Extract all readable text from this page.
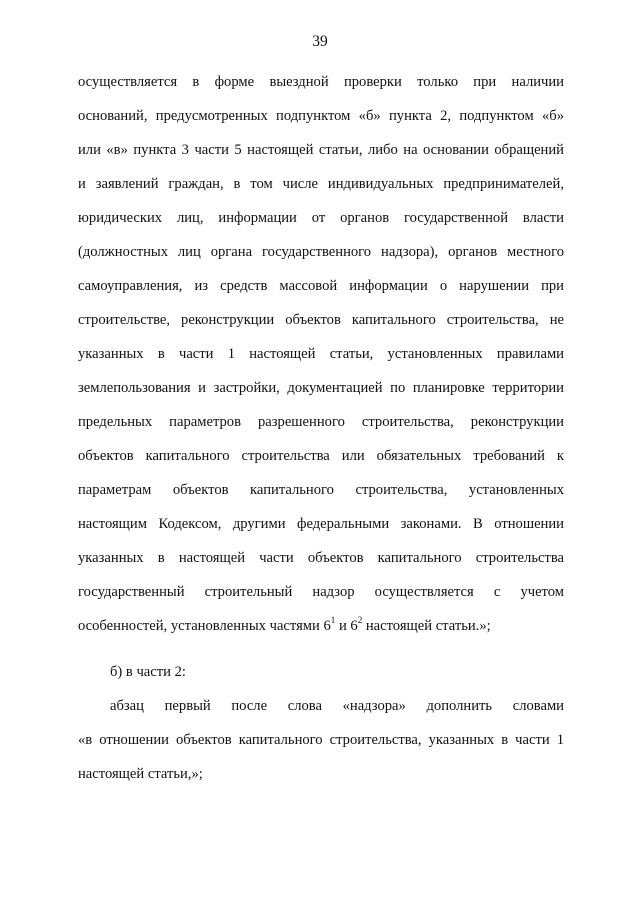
39
осуществляется в форме выездной проверки только при наличии
оснований, предусмотренных подпунктом «б» пункта 2, подпунктом «б»
или «в» пункта 3 части 5 настоящей статьи, либо на основании обращений
и заявлений граждан, в том числе индивидуальных предпринимателей,
юридических лиц, информации от органов государственной власти
(должностных лиц органа государственного надзора), органов местного
самоуправления, из средств массовой информации о нарушении при
строительстве, реконструкции объектов капитального строительства, не
указанных в части 1 настоящей статьи, установленных правилами
землепользования и застройки, документацией по планировке территории
предельных параметров разрешенного строительства, реконструкции
объектов капитального строительства или обязательных требований к
параметрам объектов капитального строительства, установленных
настоящим Кодексом, другими федеральными законами. В отношении
указанных в настоящей части объектов капитального строительства
государственный строительный надзор осуществляется с учетом
особенностей, установленных частями $6^1$ и $6^2$ настоящей статьи.»;
б) в части 2:
абзац первый после слова «надзора» дополнить словами
«в отношении объектов капитального строительства, указанных в части 1
настоящей статьи,»;
